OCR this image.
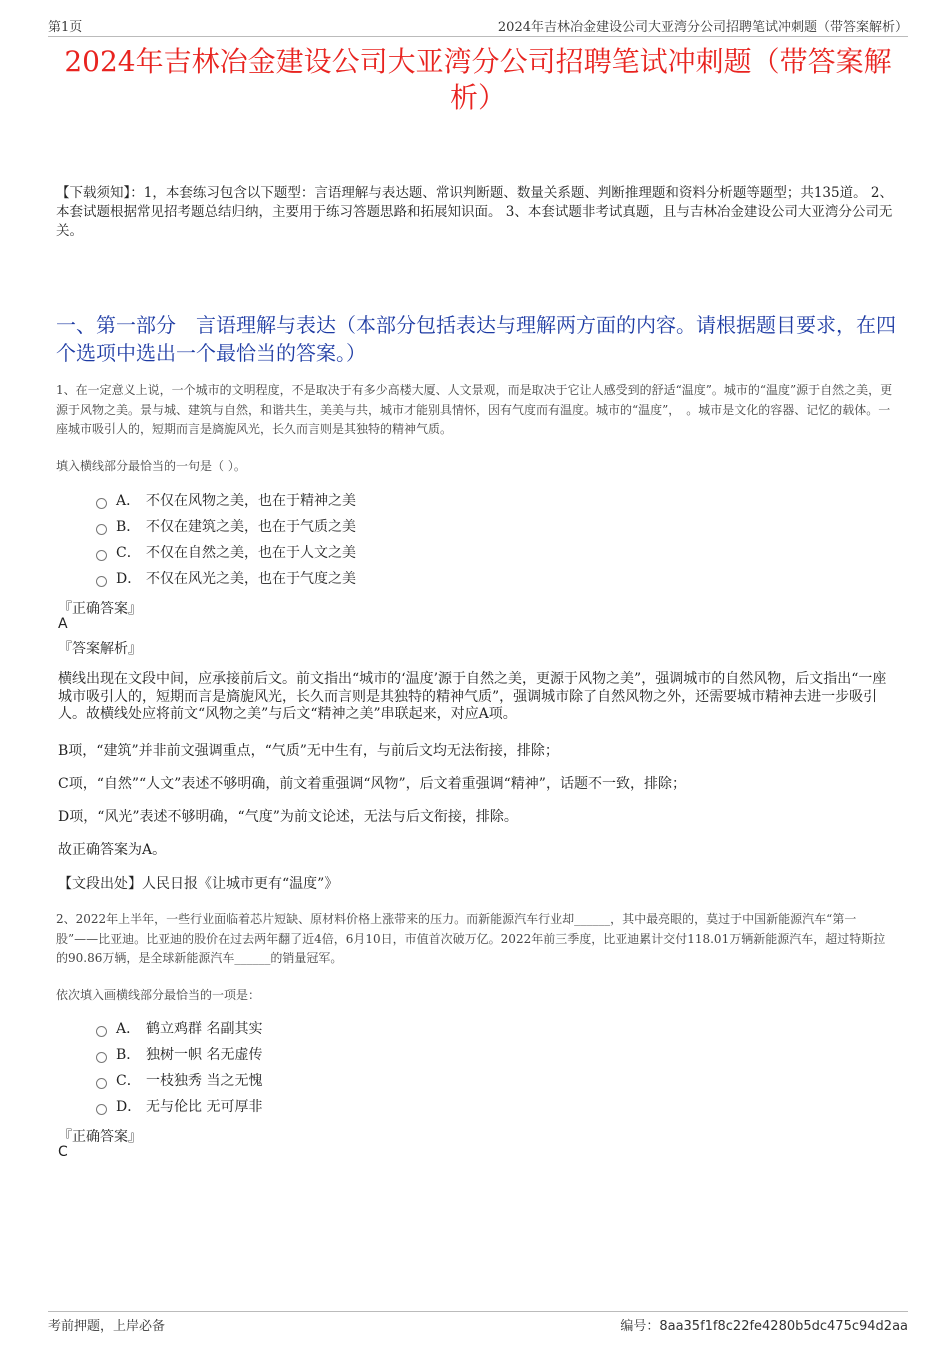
第1页	2024年吉林冶金建设公司大亚湾分公司招聘笔试冲刺题（带答案解析）
2024年吉林冶金建设公司大亚湾分公司招聘笔试冲刺题（带答案解析）
【下载须知】：1，本套练习包含以下题型：言语理解与表达题、常识判断题、数量关系题、判断推理题和资料分析题等题型；共135道。 2、本套试题根据常见招考题总结归纳，主要用于练习答题思路和拓展知识面。 3、本套试题非考试真题，且与吉林冶金建设公司大亚湾分公司无关。
一、第一部分　言语理解与表达（本部分包括表达与理解两方面的内容。请根据题目要求，在四个选项中选出一个最恰当的答案。）
1、在一定意义上说，一个城市的文明程度，不是取决于有多少高楼大厦、人文景观，而是取决于它让人感受到的舒适“温度”。城市的“温度”源于自然之美，更源于风物之美。景与城、建筑与自然，和谐共生，美美与共，城市才能别具情怀，因有气度而有温度。城市的“温度”，　。城市是文化的容器、记忆的载体。一座城市吸引人的，短期而言是旖旎风光，长久而言则是其独特的精神气质。
填入横线部分最恰当的一句是（ ）。
A． 不仅在风物之美，也在于精神之美
B． 不仅在建筑之美，也在于气质之美
C． 不仅在自然之美，也在于人文之美
D． 不仅在风光之美，也在于气度之美
『正确答案』
A
『答案解析』
横线出现在文段中间，应承接前后文。前文指出“城市的‘温度’源于自然之美，更源于风物之美”，强调城市的自然风物，后文指出“一座城市吸引人的，短期而言是旖旎风光，长久而言则是其独特的精神气质”，强调城市除了自然风物之外，还需要城市精神去进一步吸引人。故横线处应将前文“风物之美”与后文“精神之美”串联起来，对应A项。
B项，“建筑”并非前文强调重点，“气质”无中生有，与前后文均无法衔接，排除；
C项，“自然”“人文”表述不够明确，前文着重强调“风物”，后文着重强调“精神”，话题不一致，排除；
D项，“风光”表述不够明确，“气度”为前文论述，无法与后文衔接，排除。
故正确答案为A。
【文段出处】人民日报《让城市更有“温度”》
2、2022年上半年，一些行业面临着芯片短缺、原材料价格上涨带来的压力。而新能源汽车行业却______，其中最亮眼的，莫过于中国新能源汽车“第一股”——比亚迪。比亚迪的股价在过去两年翻了近4倍，6月10日，市值首次破万亿。2022年前三季度，比亚迪累计交付118.01万辆新能源汽车，超过特斯拉的90.86万辆，是全球新能源汽车______的销量冠军。
依次填入画横线部分最恰当的一项是：
A． 鹤立鸡群 名副其实
B． 独树一帜 名无虚传
C． 一枝独秀 当之无愧
D． 无与伦比 无可厚非
『正确答案』
C
考前押题，上岸必备	编号：8aa35f1f8c22fe4280b5dc475c94d2aa
